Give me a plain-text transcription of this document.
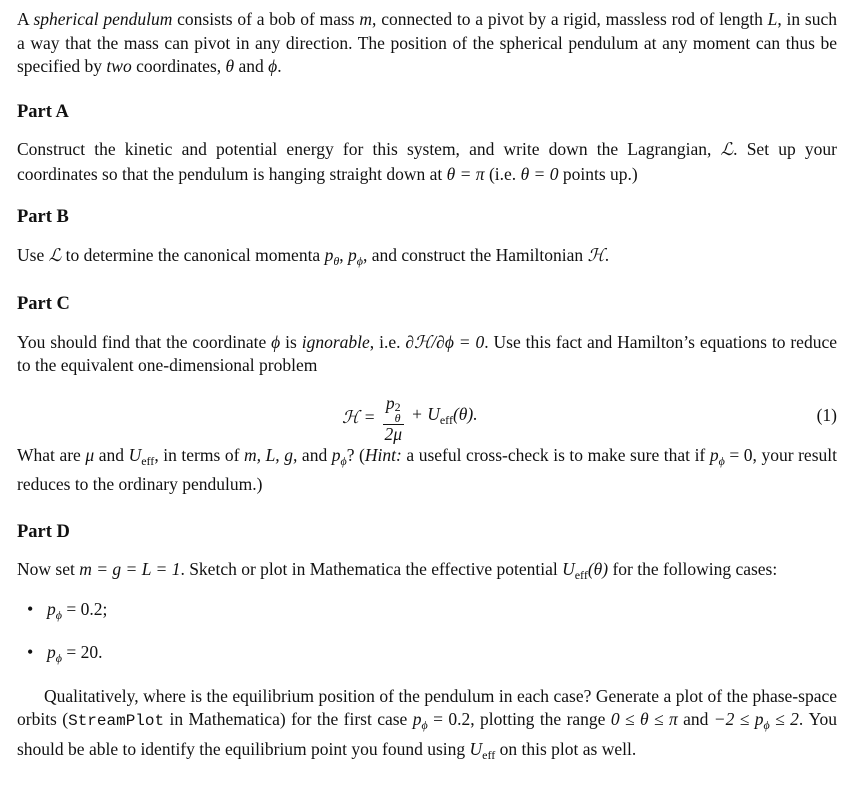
A spherical pendulum consists of a bob of mass m, connected to a pivot by a rigid, massless rod of length L, in such a way that the mass can pivot in any direction. The position of the spherical pendulum at any moment can thus be specified by two coordinates, θ and ϕ.

Part A

Construct the kinetic and potential energy for this system, and write down the Lagrangian, ℒ. Set up your coordinates so that the pendulum is hanging straight down at θ = π (i.e. θ = 0 points up.)

Part B

Use ℒ to determine the canonical momenta $p_\theta$, $p_\phi$, and construct the Hamiltonian ℋ.

Part C

You should find that the coordinate ϕ is ignorable, i.e. ∂ℋ/∂ϕ = 0. Use this fact and Hamilton’s equations to reduce to the equivalent one-dimensional problem

ℋ = p 2
θ
$2\mu + U_{eff}(\theta)$.	(1)

What are μ and $U_{eff}$, in terms of m, L, g, and $p_\phi$? (Hint: a useful cross-check is to make sure that if $p_\phi = 0$, your result reduces to the ordinary pendulum.)

Part D

Now set m = g = L = 1. Sketch or plot in Mathematica the effective potential $U_{eff}(\theta)$ for the following cases:

• $p_\phi = 0.2$;
• $p_\phi = 20$.

Qualitatively, where is the equilibrium position of the pendulum in each case? Generate a plot of the phase-space orbits (StreamPlot in Mathematica) for the first case $p_\phi = 0.2$, plotting the range 0 ≤ θ ≤ π and $-2 \le p_\phi \le 2$. You should be able to identify the equilibrium point you found using $U_{eff}$ on this plot as well.
